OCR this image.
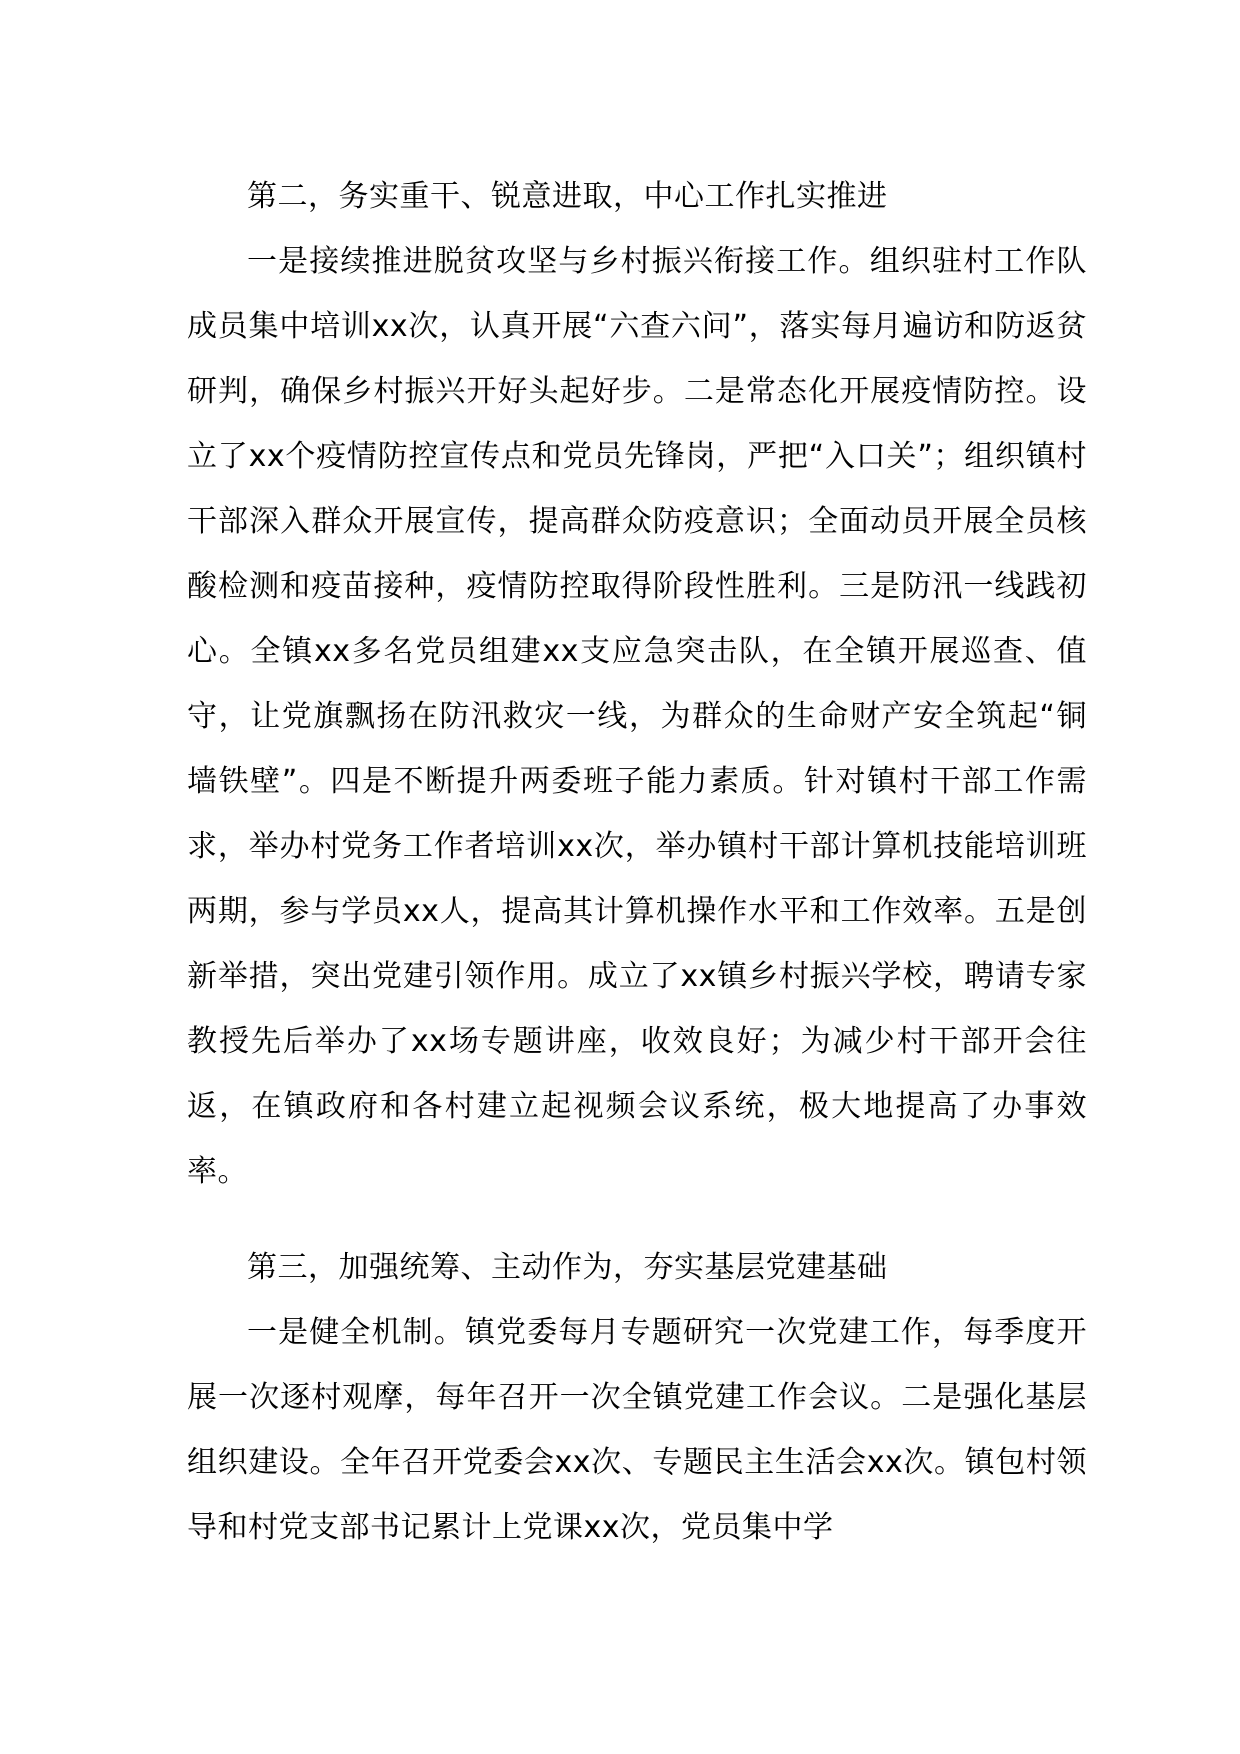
第二，务实重干、锐意进取，中心工作扎实推进

一是接续推进脱贫攻坚与乡村振兴衔接工作。组织驻村工作队成员集中培训xx次，认真开展“六查六问”，落实每月遍访和防返贫研判，确保乡村振兴开好头起好步。二是常态化开展疫情防控。设立了xx个疫情防控宣传点和党员先锋岗，严把“入口关”；组织镇村干部深入群众开展宣传，提高群众防疫意识；全面动员开展全员核酸检测和疫苗接种，疫情防控取得阶段性胜利。三是防汛一线践初心。全镇xx多名党员组建xx支应急突击队，在全镇开展巡查、值守，让党旗飘扬在防汛救灾一线，为群众的生命财产安全筑起“铜墙铁壁”。四是不断提升两委班子能力素质。针对镇村干部工作需求，举办村党务工作者培训xx次，举办镇村干部计算机技能培训班两期，参与学员xx人，提高其计算机操作水平和工作效率。五是创新举措，突出党建引领作用。成立了xx镇乡村振兴学校，聘请专家教授先后举办了xx场专题讲座，收效良好；为减少村干部开会往返，在镇政府和各村建立起视频会议系统，极大地提高了办事效率。

第三，加强统筹、主动作为，夯实基层党建基础

一是健全机制。镇党委每月专题研究一次党建工作，每季度开展一次逐村观摩，每年召开一次全镇党建工作会议。二是强化基层组织建设。全年召开党委会xx次、专题民主生活会xx次。镇包村领导和村党支部书记累计上党课xx次，党员集中学
